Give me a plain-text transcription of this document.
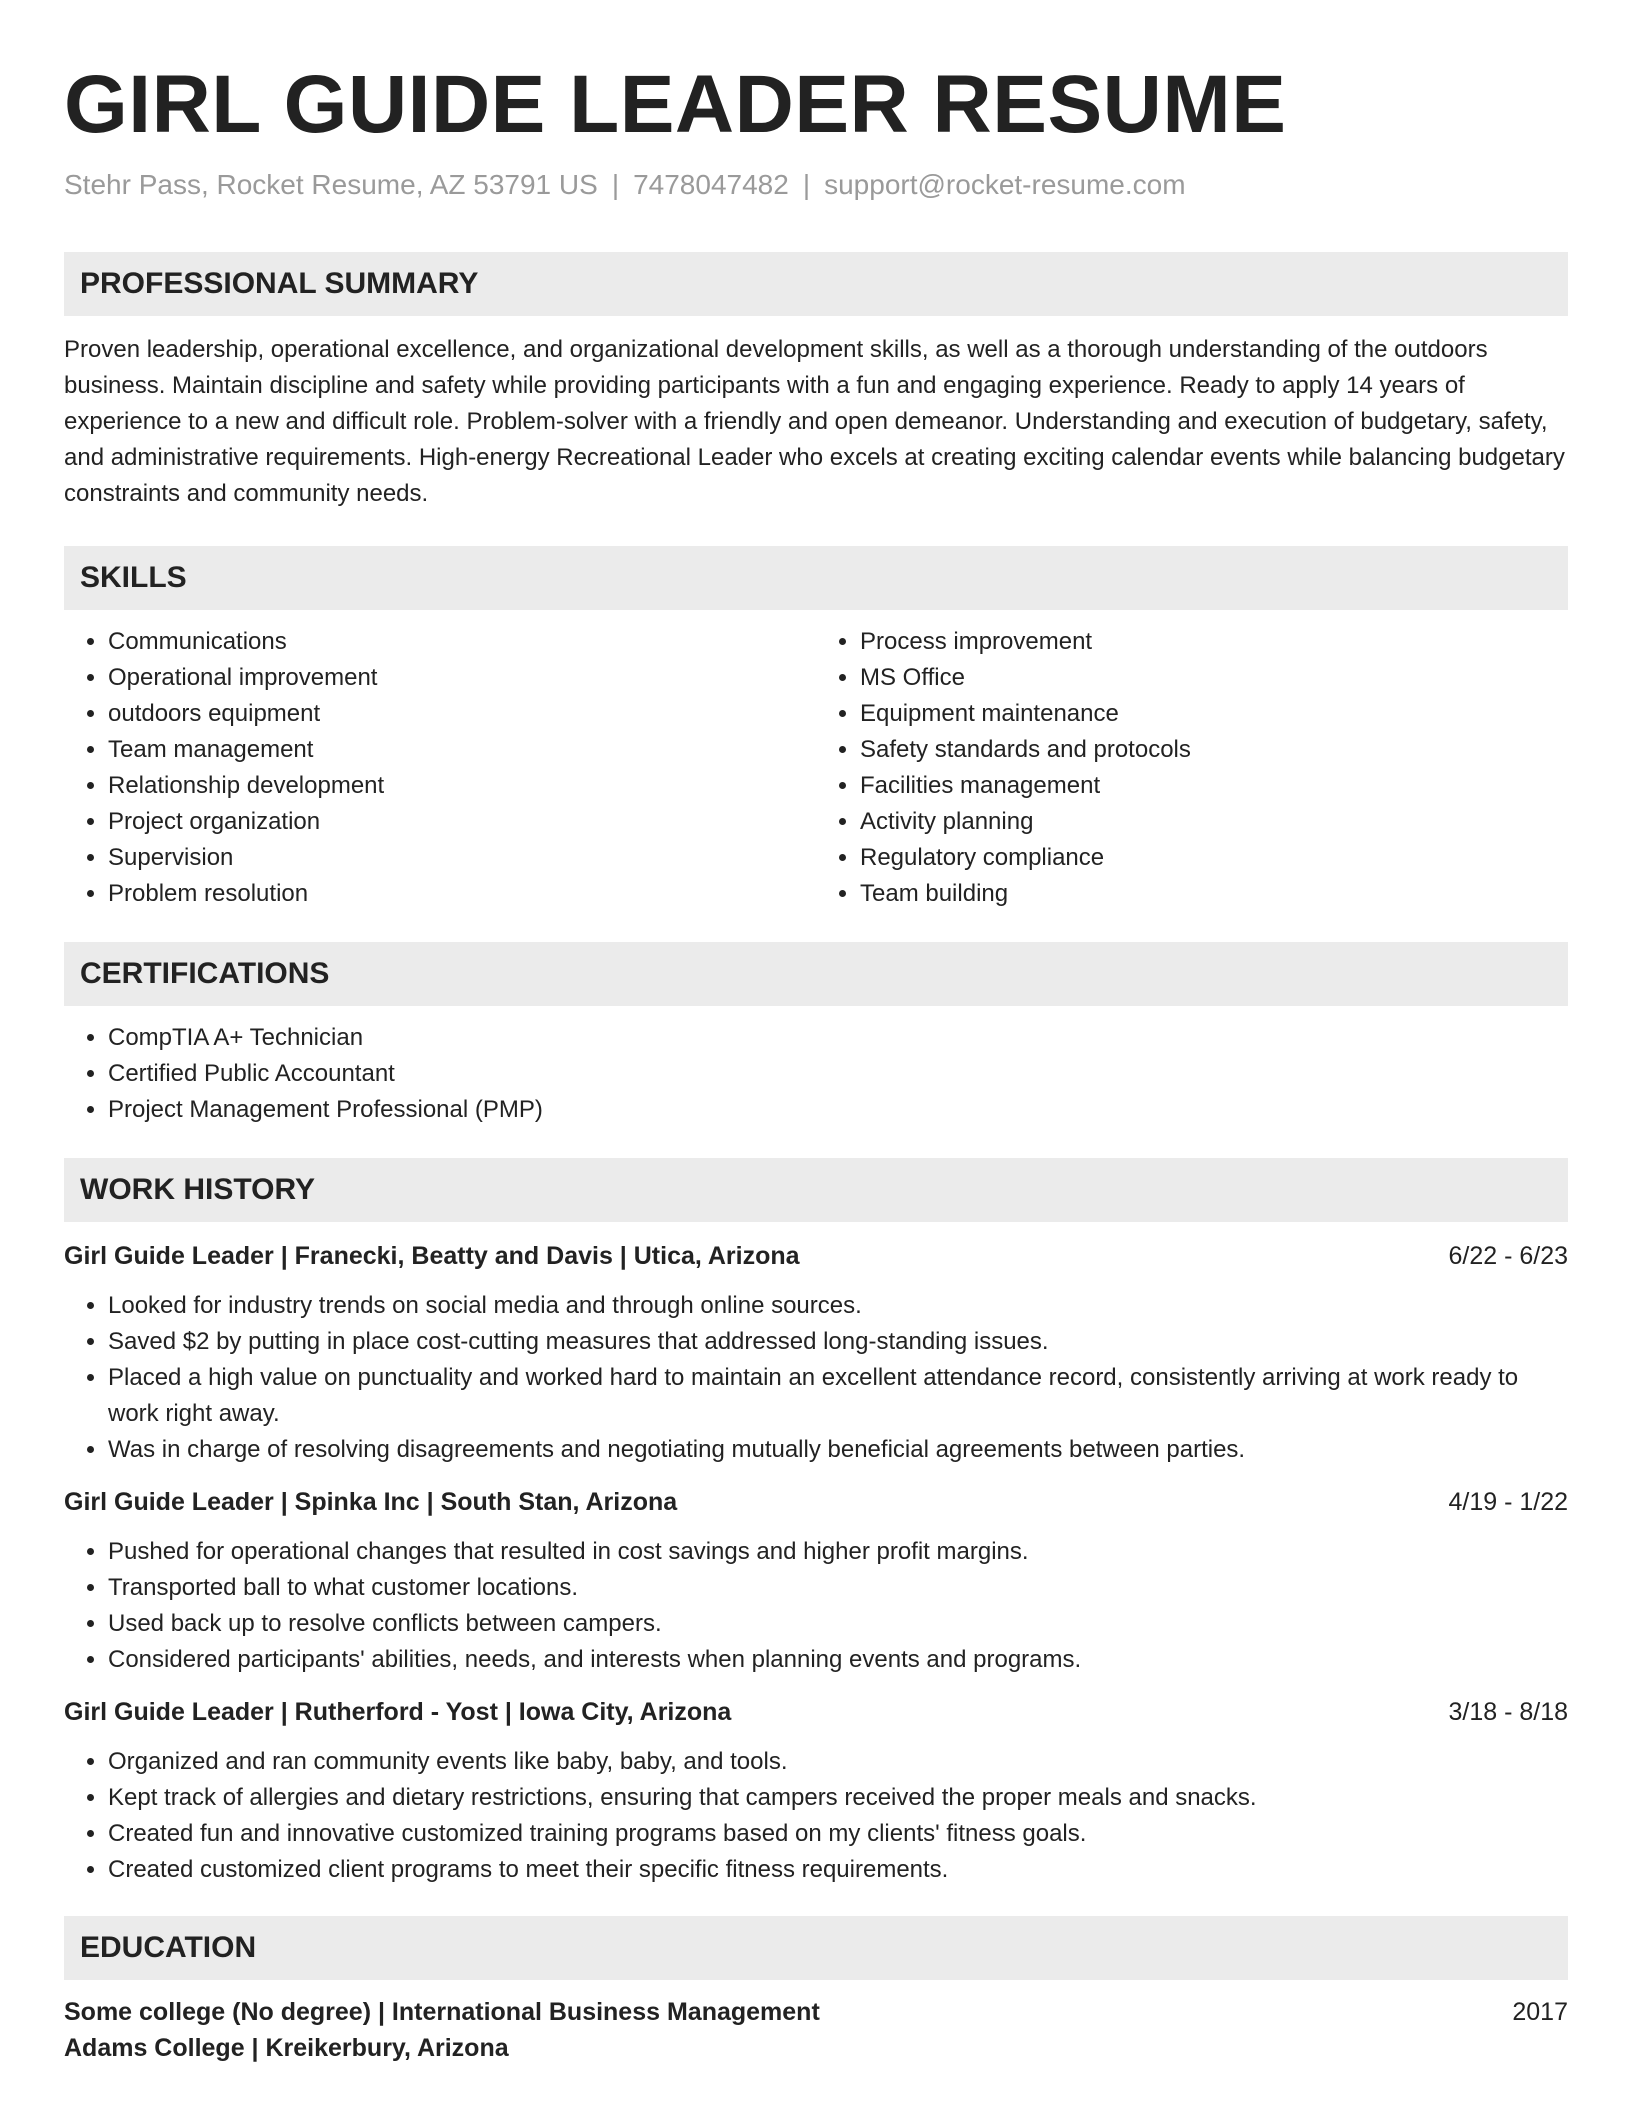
GIRL GUIDE LEADER RESUME
Stehr Pass, Rocket Resume, AZ 53791 US | 7478047482 | support@rocket-resume.com
PROFESSIONAL SUMMARY

Proven leadership, operational excellence, and organizational development skills, as well as a thorough understanding of the outdoors business. Maintain discipline and safety while providing participants with a fun and engaging experience. Ready to apply 14 years of experience to a new and difficult role. Problem-solver with a friendly and open demeanor. Understanding and execution of budgetary, safety, and administrative requirements. High-energy Recreational Leader who excels at creating exciting calendar events while balancing budgetary constraints and community needs.

SKILLS
• Communications
• Operational improvement
• outdoors equipment
• Team management
• Relationship development
• Project organization
• Supervision
• Problem resolution
• Process improvement
• MS Office
• Equipment maintenance
• Safety standards and protocols
• Facilities management
• Activity planning
• Regulatory compliance
• Team building
CERTIFICATIONS
• CompTIA A+ Technician
• Certified Public Accountant
• Project Management Professional (PMP)
WORK HISTORY
Girl Guide Leader | Franecki, Beatty and Davis | Utica, Arizona	6/22 - 6/23
• Looked for industry trends on social media and through online sources.
• Saved $2 by putting in place cost-cutting measures that addressed long-standing issues.
• Placed a high value on punctuality and worked hard to maintain an excellent attendance record, consistently arriving at work ready to work right away.
• Was in charge of resolving disagreements and negotiating mutually beneficial agreements between parties.
Girl Guide Leader | Spinka Inc | South Stan, Arizona	4/19 - 1/22
• Pushed for operational changes that resulted in cost savings and higher profit margins.
• Transported ball to what customer locations.
• Used back up to resolve conflicts between campers.
• Considered participants' abilities, needs, and interests when planning events and programs.
Girl Guide Leader | Rutherford - Yost | Iowa City, Arizona	3/18 - 8/18
• Organized and ran community events like baby, baby, and tools.
• Kept track of allergies and dietary restrictions, ensuring that campers received the proper meals and snacks.
• Created fun and innovative customized training programs based on my clients' fitness goals.
• Created customized client programs to meet their specific fitness requirements.
EDUCATION
Some college (No degree) | International Business Management	2017
Adams College | Kreikerbury, Arizona
